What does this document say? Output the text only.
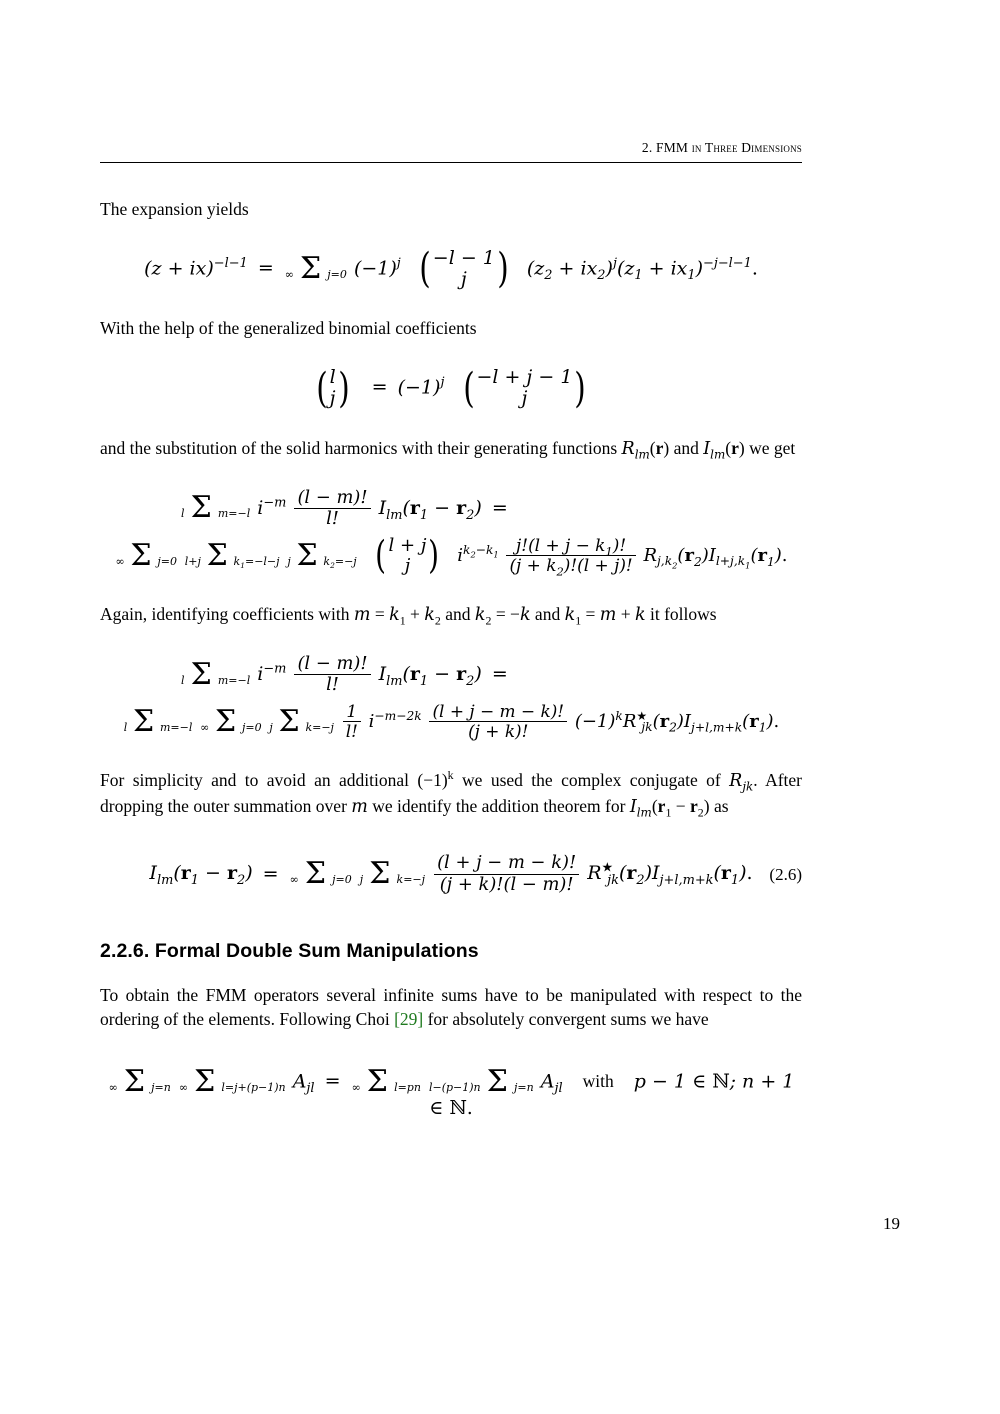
2. FMM in Three Dimensions

The expansion yields

(z + ix)$^{-l-1}$ = ∞ Σ j=0 $(-1)^j$ ( −l − 1
j ) $(z_2 + ix_2)^j(z_1 + ix_1)^{-j-l-1}$.

With the help of the generalized binomial coefficients

( l
j ) = $(-1)^j$ ( −l + j − 1
j	)

and the substitution of the solid harmonics with their generating functions $R_{lm}(r)$ and $I_{lm}(r)$ we get

l Σ m=−l $i^{-m} \frac{(l - m)!}{l!} I_{lm}(r_1 - r_2)$ =
∞ Σ j=0 l+j Σ $k_1=-l-j$ j Σ $k_2=-j$ ( l + j
j ) $i^{k_2-k_1} \frac{j!(l + j - k_1)!}{(j + k_2)!(l + j)!} R_{j,k_2}(r_2)I_{l+j,k_1}(r_1)$.

Again, identifying coefficients with $m = k_1 + k_2$ and $k_2 = -k$ and $k_1 = m + k$ it follows

l Σ m=−l $i^{-m} \frac{(l - m)!}{l!} I_{lm}(r_1 - r_2)$ =
l Σ m=−l ∞ Σ j=0 j Σ $k=-j \frac{1}{l!} i^{-m-2k} \frac{(l + j - m - k)!}{(j + k)!} (-1)^kR^★_{jk}(r_2)I_{j+l,m+k}(r_1)$.

For simplicity and to avoid an additional $(-1)^k$ we used the complex conjugate of $R_{jk}$. After dropping the outer summation over m we identify the addition theorem for $I_{lm}(r_1 - r_2)$ as

$I_{lm}(r_1 - r_2)$ = ∞ Σ j=0 j Σ $k=-j \frac{(l + j - m - k)!}{(j + k)!(l - m)!} R^★_{jk}(r_2)I_{j+l,m+k}(r_1)$. (2.6)
2.2.6. Formal Double Sum Manipulations

To obtain the FMM operators several infinite sums have to be manipulated with respect to the ordering of the elements. Following Choi [29] for absolutely convergent sums we have

∞ Σ j=n ∞ Σ l=j+(p−1)n $A_{jl}$ = ∞ Σ l=pn l−(p−1)n Σ j=n $A_{jl}$ with p − 1 ∈ ℕ; n + 1 ∈ ℕ.
19
